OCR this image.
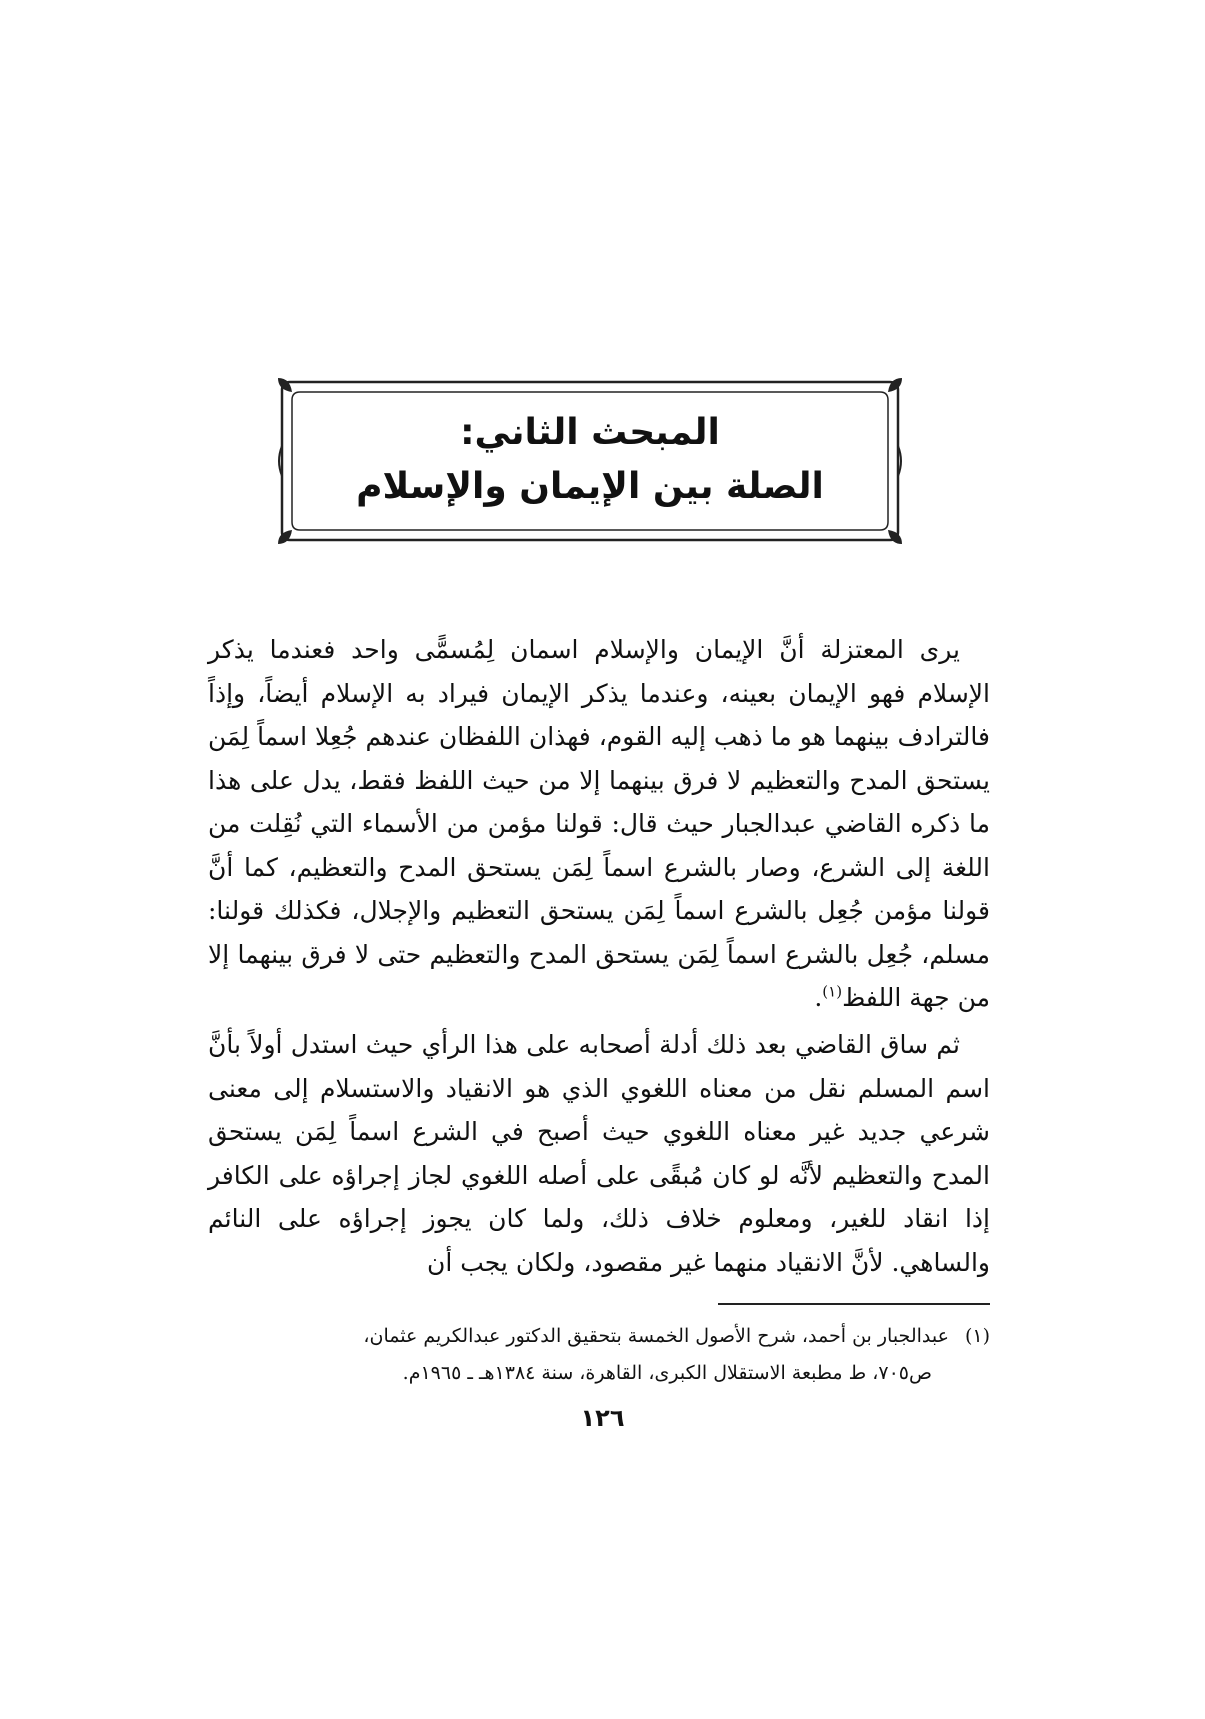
المبحث الثاني:
الصلة بين الإيمان والإسلام

يرى المعتزلة أنَّ الإيمان والإسلام اسمان لِمُسمًّى واحد فعندما يذكر الإسلام فهو الإيمان بعينه، وعندما يذكر الإيمان فيراد به الإسلام أيضاً، وإذاً فالترادف بينهما هو ما ذهب إليه القوم، فهذان اللفظان عندهم جُعِلا اسماً لِمَن يستحق المدح والتعظيم لا فرق بينهما إلا من حيث اللفظ فقط، يدل على هذا ما ذكره القاضي عبدالجبار حيث قال: قولنا مؤمن من الأسماء التي نُقِلت من اللغة إلى الشرع، وصار بالشرع اسماً لِمَن يستحق المدح والتعظيم، كما أنَّ قولنا مؤمن جُعِل بالشرع اسماً لِمَن يستحق التعظيم والإجلال، فكذلك قولنا: مسلم، جُعِل بالشرع اسماً لِمَن يستحق المدح والتعظيم حتى لا فرق بينهما إلا من جهة اللفظ$^{(١)}$.

ثم ساق القاضي بعد ذلك أدلة أصحابه على هذا الرأي حيث استدل أولاً بأنَّ اسم المسلم نقل من معناه اللغوي الذي هو الانقياد والاستسلام إلى معنى شرعي جديد غير معناه اللغوي حيث أصبح في الشرع اسماً لِمَن يستحق المدح والتعظيم لأنَّه لو كان مُبقًى على أصله اللغوي لجاز إجراؤه على الكافر إذا انقاد للغير، ومعلوم خلاف ذلك، ولما كان يجوز إجراؤه على النائم والساهي. لأنَّ الانقياد منهما غير مقصود، ولكان يجب أن

(١)عبدالجبار بن أحمد، شرح الأصول الخمسة بتحقيق الدكتور عبدالكريم عثمان،
ص٧٠٥، ط مطبعة الاستقلال الكبرى، القاهرة، سنة ١٣٨٤هـ ـ ١٩٦٥م.
١٢٦
